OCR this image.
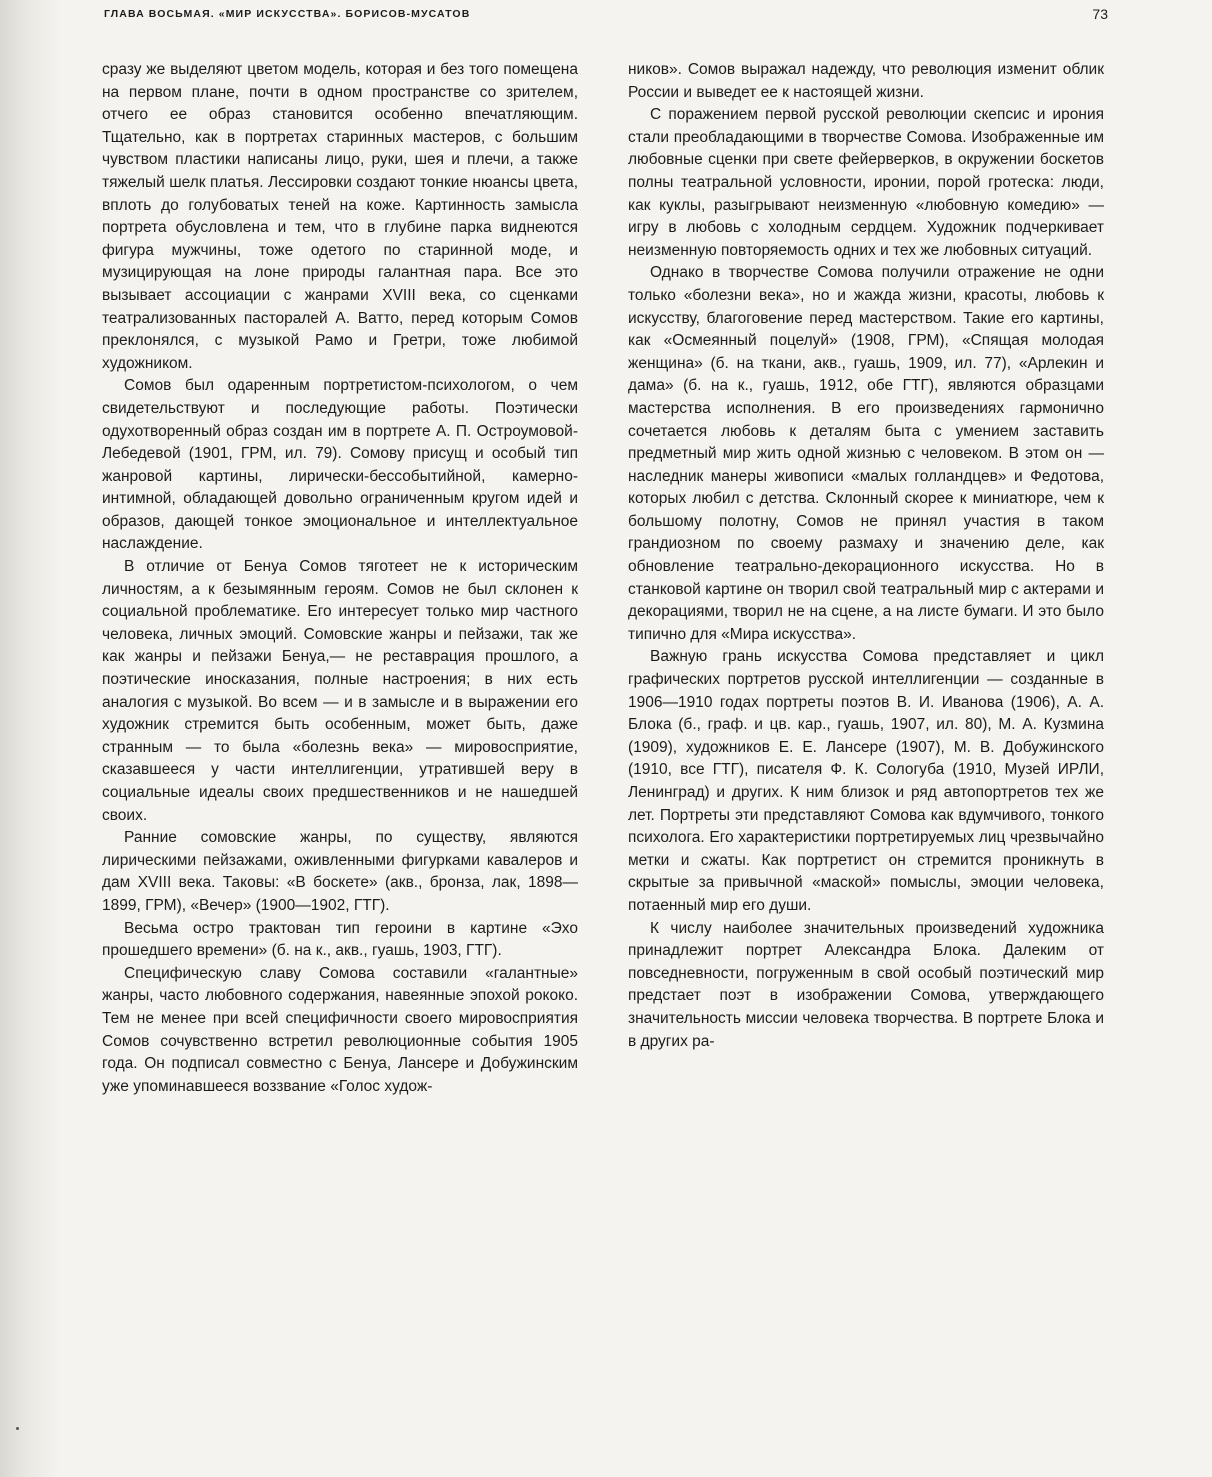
ГЛАВА ВОСЬМАЯ. «МИР ИСКУССТВА». БОРИСОВ-МУСАТОВ	73

сразу же выделяют цветом модель, которая и без того помещена на первом плане, почти в одном пространстве со зрителем, отчего ее образ становится особенно впечатляющим. Тщательно, как в портретах старинных мастеров, с большим чувством пластики написаны лицо, руки, шея и плечи, а также тяжелый шелк платья. Лессировки создают тонкие нюансы цвета, вплоть до голубоватых теней на коже. Картинность замысла портрета обусловлена и тем, что в глубине парка виднеются фигура мужчины, тоже одетого по старинной моде, и музицирующая на лоне природы галантная пара. Все это вызывает ассоциации с жанрами XVIII века, со сценками театрализованных пасторалей А. Ватто, перед которым Сомов преклонялся, с музыкой Рамо и Гретри, тоже любимой художником.

Сомов был одаренным портретистом-психологом, о чем свидетельствуют и последующие работы. Поэтически одухотворенный образ создан им в портрете А. П. Остроумовой-Лебедевой (1901, ГРМ, ил. 79). Сомову присущ и особый тип жанровой картины, лирически-бессобытийной, камерно-интимной, обладающей довольно ограниченным кругом идей и образов, дающей тонкое эмоциональное и интеллектуальное наслаждение.

В отличие от Бенуа Сомов тяготеет не к историческим личностям, а к безымянным героям. Сомов не был склонен к социальной проблематике. Его интересует только мир частного человека, личных эмоций. Сомовские жанры и пейзажи, так же как жанры и пейзажи Бенуа,— не реставрация прошлого, а поэтические иносказания, полные настроения; в них есть аналогия с музыкой. Во всем — и в замысле и в выражении его художник стремится быть особенным, может быть, даже странным — то была «болезнь века» — мировосприятие, сказавшееся у части интеллигенции, утратившей веру в социальные идеалы своих предшественников и не нашедшей своих.

Ранние сомовские жанры, по существу, являются лирическими пейзажами, оживленными фигурками кавалеров и дам XVIII века. Таковы: «В боскете» (акв., бронза, лак, 1898—1899, ГРМ), «Вечер» (1900—1902, ГТГ).

Весьма остро трактован тип героини в картине «Эхо прошедшего времени» (б. на к., акв., гуашь, 1903, ГТГ).

Специфическую славу Сомова составили «галантные» жанры, часто любовного содержания, навеянные эпохой рококо. Тем не менее при всей специфичности своего мировосприятия Сомов сочувственно встретил революционные события 1905 года. Он подписал совместно с Бенуа, Лансере и Добужинским уже упоминавшееся воззвание «Голос худож-

ников». Сомов выражал надежду, что революция изменит облик России и выведет ее к настоящей жизни.

С поражением первой русской революции скепсис и ирония стали преобладающими в творчестве Сомова. Изображенные им любовные сценки при свете фейерверков, в окружении боскетов полны театральной условности, иронии, порой гротеска: люди, как куклы, разыгрывают неизменную «любовную комедию» — игру в любовь с холодным сердцем. Художник подчеркивает неизменную повторяемость одних и тех же любовных ситуаций.

Однако в творчестве Сомова получили отражение не одни только «болезни века», но и жажда жизни, красоты, любовь к искусству, благоговение перед мастерством. Такие его картины, как «Осмеянный поцелуй» (1908, ГРМ), «Спящая молодая женщина» (б. на ткани, акв., гуашь, 1909, ил. 77), «Арлекин и дама» (б. на к., гуашь, 1912, обе ГТГ), являются образцами мастерства исполнения. В его произведениях гармонично сочетается любовь к деталям быта с умением заставить предметный мир жить одной жизнью с человеком. В этом он — наследник манеры живописи «малых голландцев» и Федотова, которых любил с детства. Склонный скорее к миниатюре, чем к большому полотну, Сомов не принял участия в таком грандиозном по своему размаху и значению деле, как обновление театрально-декорационного искусства. Но в станковой картине он творил свой театральный мир с актерами и декорациями, творил не на сцене, а на листе бумаги. И это было типично для «Мира искусства».

Важную грань искусства Сомова представляет и цикл графических портретов русской интеллигенции — созданные в 1906—1910 годах портреты поэтов В. И. Иванова (1906), А. А. Блока (б., граф. и цв. кар., гуашь, 1907, ил. 80), М. А. Кузмина (1909), художников Е. Е. Лансере (1907), М. В. Добужинского (1910, все ГТГ), писателя Ф. К. Сологуба (1910, Музей ИРЛИ, Ленинград) и других. К ним близок и ряд автопортретов тех же лет. Портреты эти представляют Сомова как вдумчивого, тонкого психолога. Его характеристики портретируемых лиц чрезвычайно метки и сжаты. Как портретист он стремится проникнуть в скрытые за привычной «маской» помыслы, эмоции человека, потаенный мир его души.

К числу наиболее значительных произведений художника принадлежит портрет Александра Блока. Далеким от повседневности, погруженным в свой особый поэтический мир предстает поэт в изображении Сомова, утверждающего значительность миссии человека творчества. В портрете Блока и в других ра-
